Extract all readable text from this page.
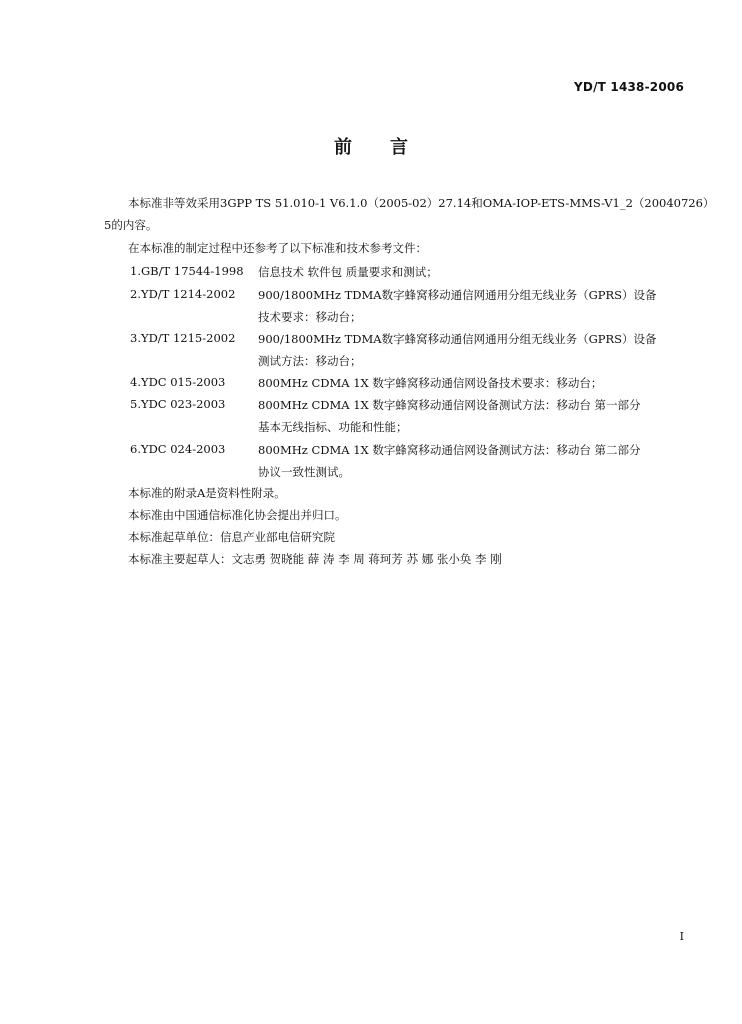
YD/T 1438-2006
前言
本标准非等效采用3GPP TS 51.010-1 V6.1.0（2005-02）27.14和OMA-IOP-ETS-MMS-V1_2（20040726）
5的内容。
在本标准的制定过程中还参考了以下标准和技术参考文件：
1.GB/T 17544-1998 信息技术 软件包 质量要求和测试；
2.YD/T 1214-2002 900/1800MHz TDMA数字蜂窝移动通信网通用分组无线业务（GPRS）设备
技术要求：移动台；
3.YD/T 1215-2002 900/1800MHz TDMA数字蜂窝移动通信网通用分组无线业务（GPRS）设备
测试方法：移动台；
4.YDC 015-2003	800MHz CDMA 1X 数字蜂窝移动通信网设备技术要求：移动台；
5.YDC 023-2003	800MHz CDMA 1X 数字蜂窝移动通信网设备测试方法：移动台 第一部分
基本无线指标、功能和性能；
6.YDC 024-2003	800MHz CDMA 1X 数字蜂窝移动通信网设备测试方法：移动台 第二部分
协议一致性测试。
本标准的附录A是资料性附录。
本标准由中国通信标准化协会提出并归口。
本标准起草单位：信息产业部电信研究院
本标准主要起草人：文志勇 贺晓能 薛 涛 李 周 蒋珂芳 苏 娜 张小奂 李 刚
I
